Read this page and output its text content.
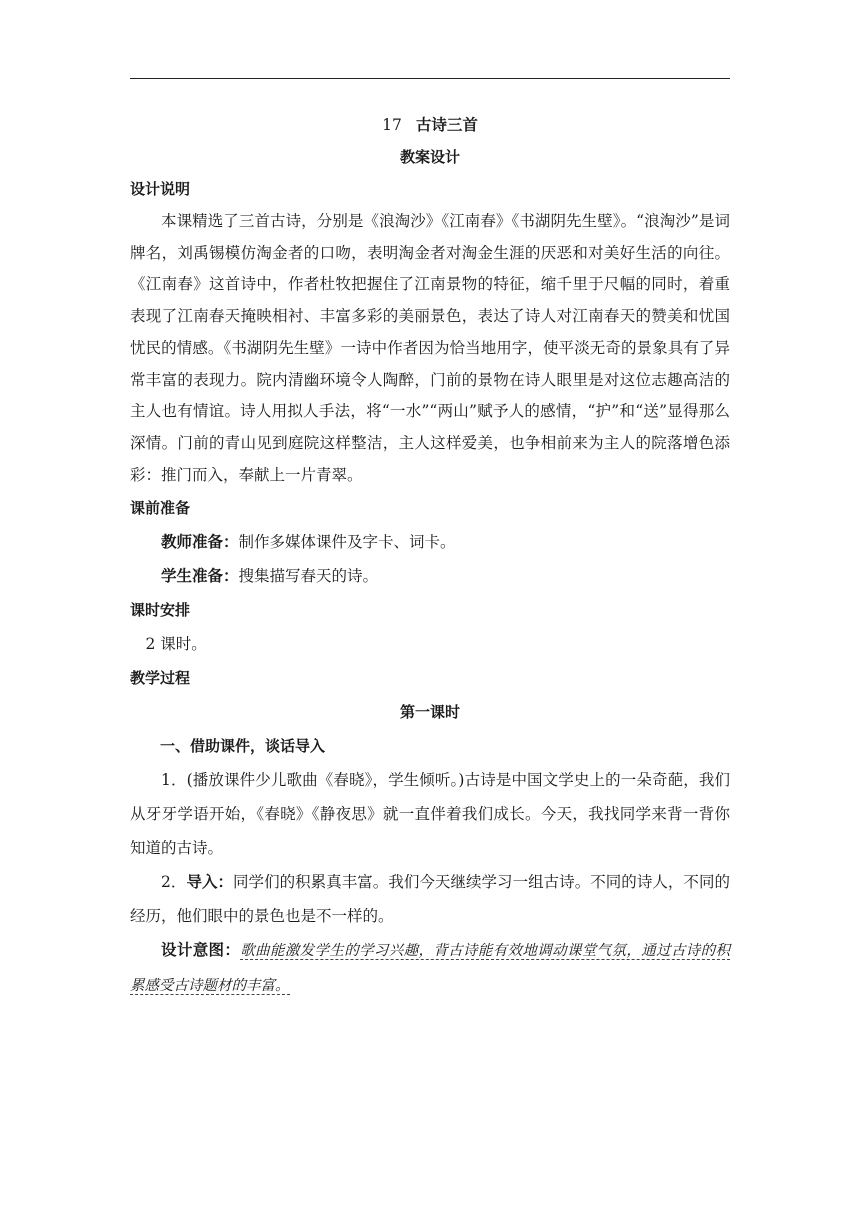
17 古诗三首
教案设计

设计说明

本课精选了三首古诗，分别是《浪淘沙》《江南春》《书湖阴先生壁》。“浪淘沙”是词牌名，刘禹锡模仿淘金者的口吻，表明淘金者对淘金生涯的厌恶和对美好生活的向往。《江南春》这首诗中，作者杜牧把握住了江南景物的特征，缩千里于尺幅的同时，着重表现了江南春天掩映相衬、丰富多彩的美丽景色，表达了诗人对江南春天的赞美和忧国忧民的情感。《书湖阴先生壁》一诗中作者因为恰当地用字，使平淡无奇的景象具有了异常丰富的表现力。院内清幽环境令人陶醉，门前的景物在诗人眼里是对这位志趣高洁的主人也有情谊。诗人用拟人手法，将“一水”“两山”赋予人的感情，“护”和“送”显得那么深情。门前的青山见到庭院这样整洁，主人这样爱美，也争相前来为主人的院落增色添彩：推门而入，奉献上一片青翠。

课前准备

教师准备：制作多媒体课件及字卡、词卡。

学生准备：搜集描写春天的诗。

课时安排

2 课时。

教学过程

第一课时

一、借助课件，谈话导入

1．(播放课件少儿歌曲《春晓》，学生倾听。)古诗是中国文学史上的一朵奇葩，我们从牙牙学语开始，《春晓》《静夜思》就一直伴着我们成长。今天，我找同学来背一背你知道的古诗。

2．导入：同学们的积累真丰富。我们今天继续学习一组古诗。不同的诗人，不同的经历，他们眼中的景色也是不一样的。

设计意图：歌曲能激发学生的学习兴趣，背古诗能有效地调动课堂气氛，通过古诗的积累感受古诗题材的丰富。
